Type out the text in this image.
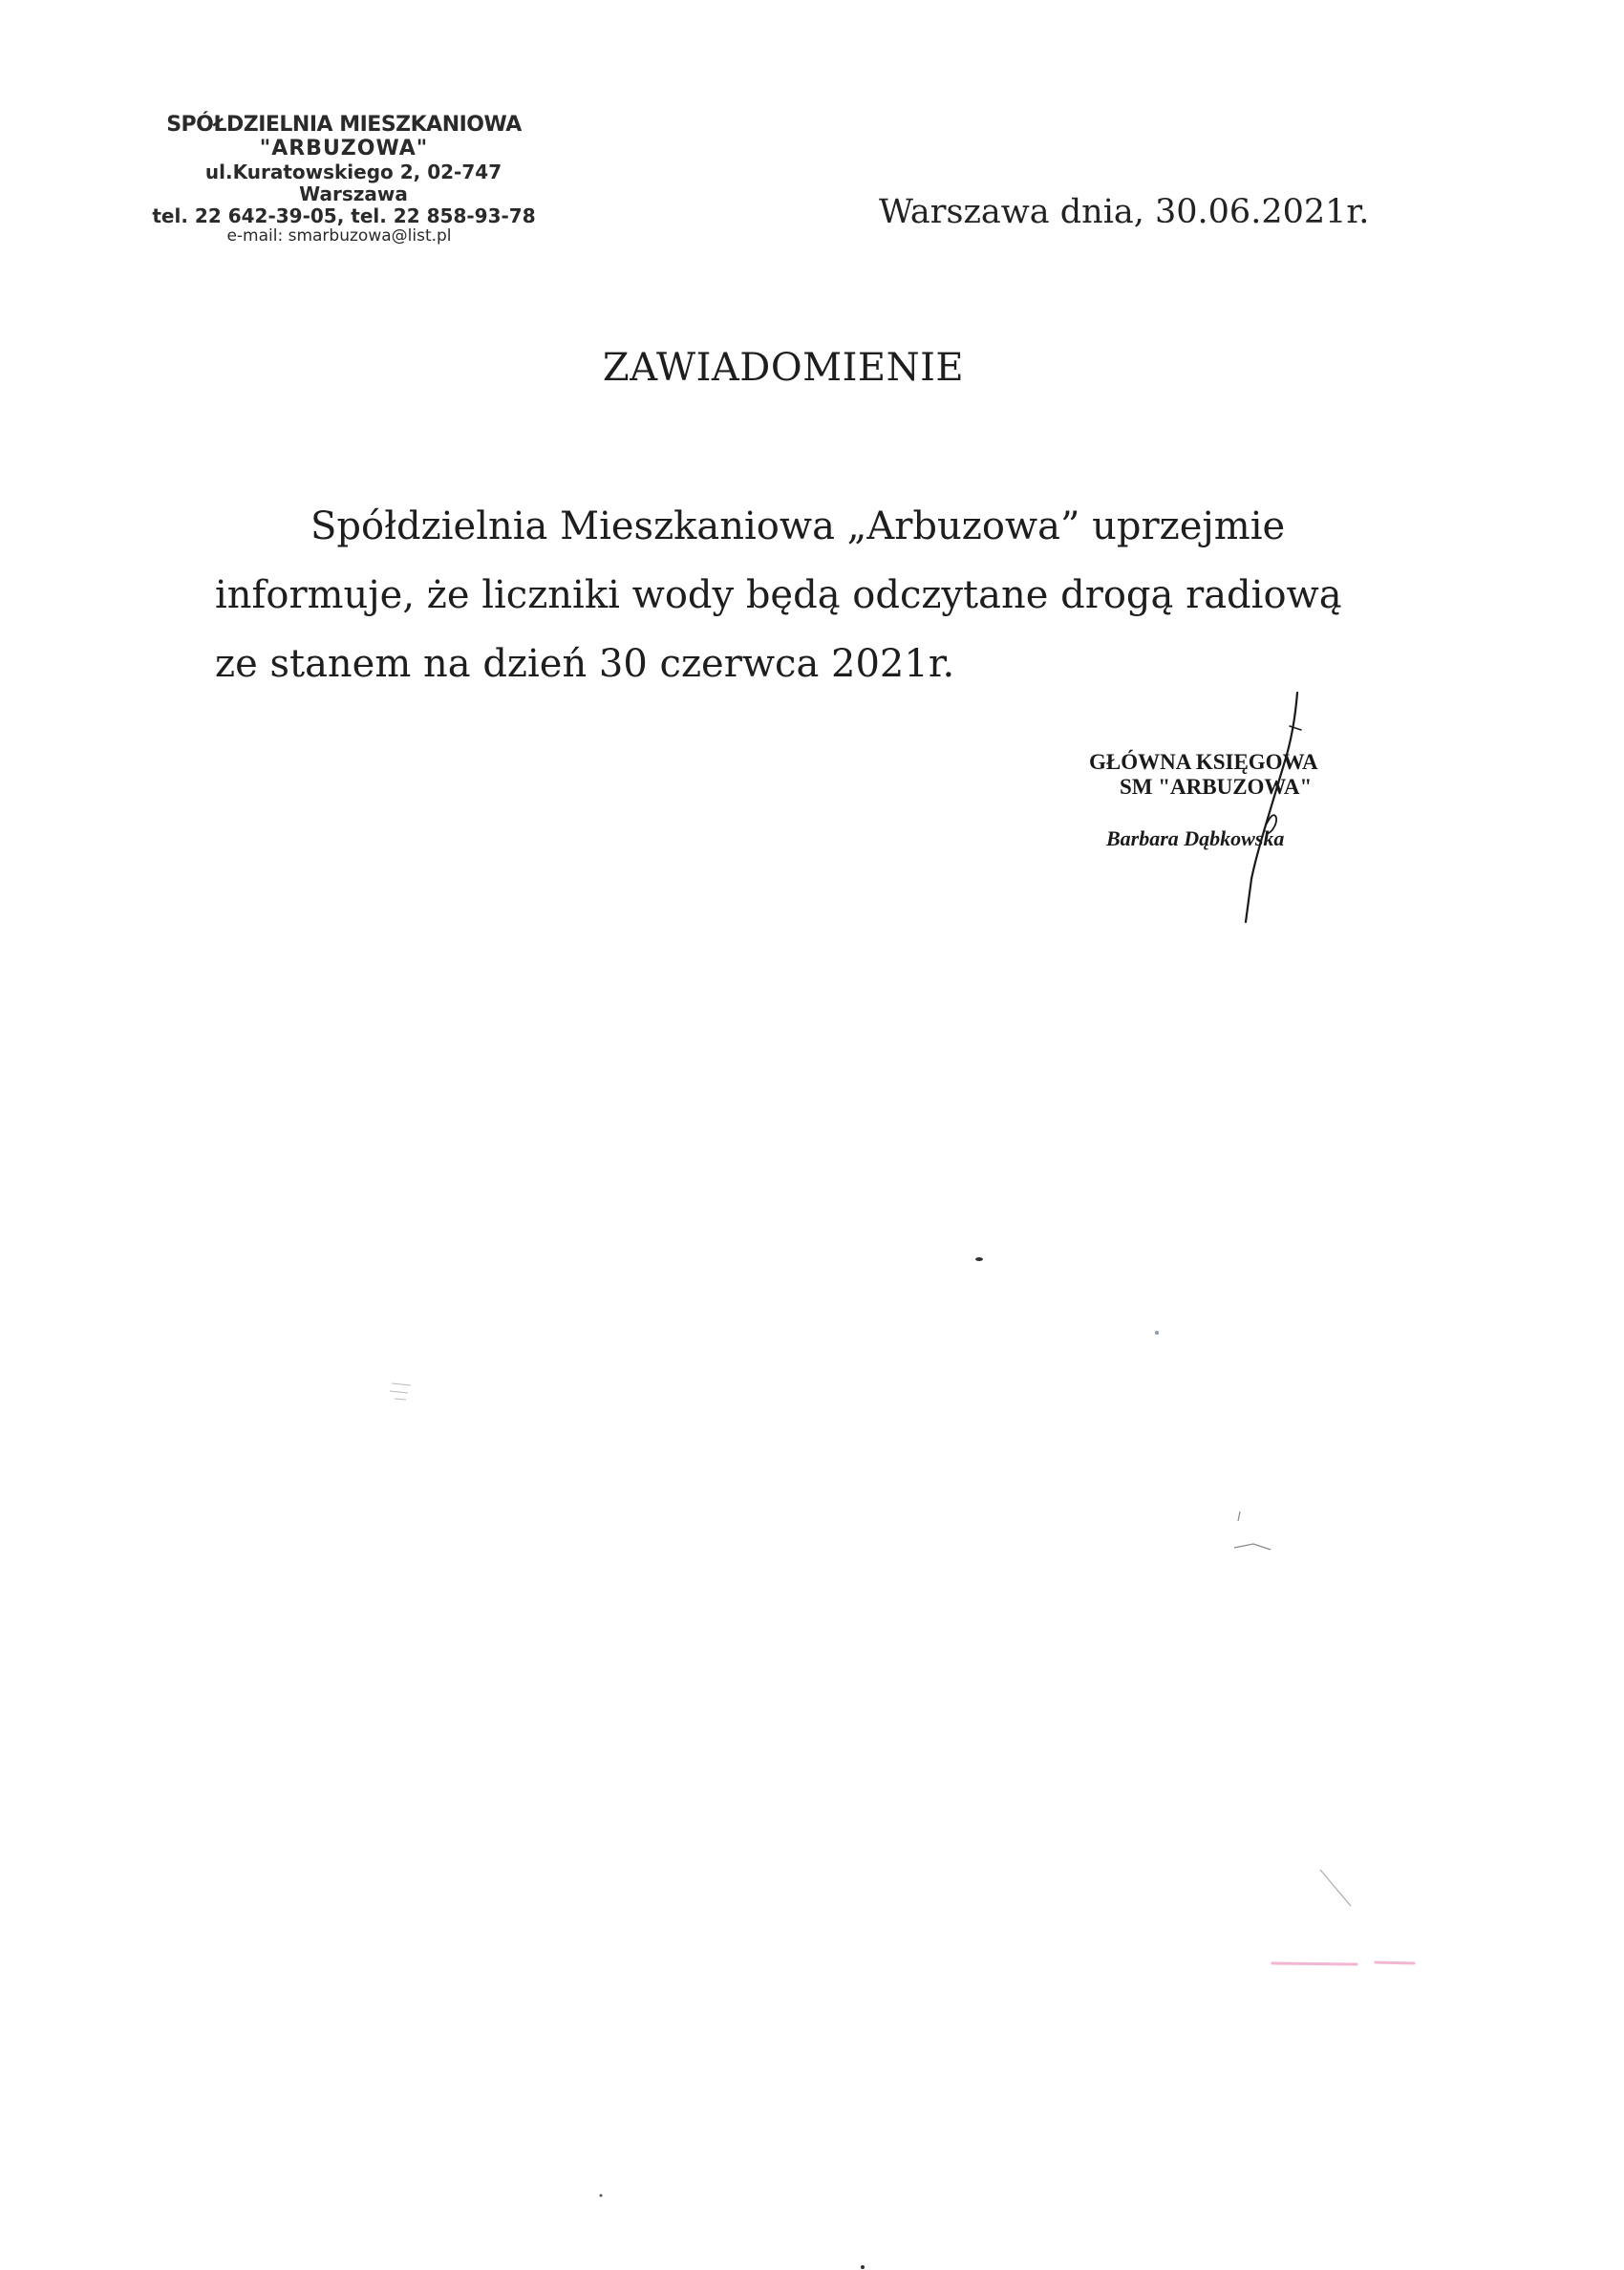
SPÓŁDZIELNIA MIESZKANIOWA
"ARBUZOWA"
ul.Kuratowskiego 2, 02-747 Warszawa
tel. 22 642-39-05, tel. 22 858-93-78
e-mail: smarbuzowa@list.pl
Warszawa dnia, 30.06.2021r.
ZAWIADOMIENIE
Spółdzielnia Mieszkaniowa „Arbuzowa” uprzejmie
informuje, że liczniki wody będą odczytane drogą radiową
ze stanem na dzień 30 czerwca 2021r.
GŁÓWNA KSIĘGOWA
SM "ARBUZOWA"
Barbara Dąbkowska
